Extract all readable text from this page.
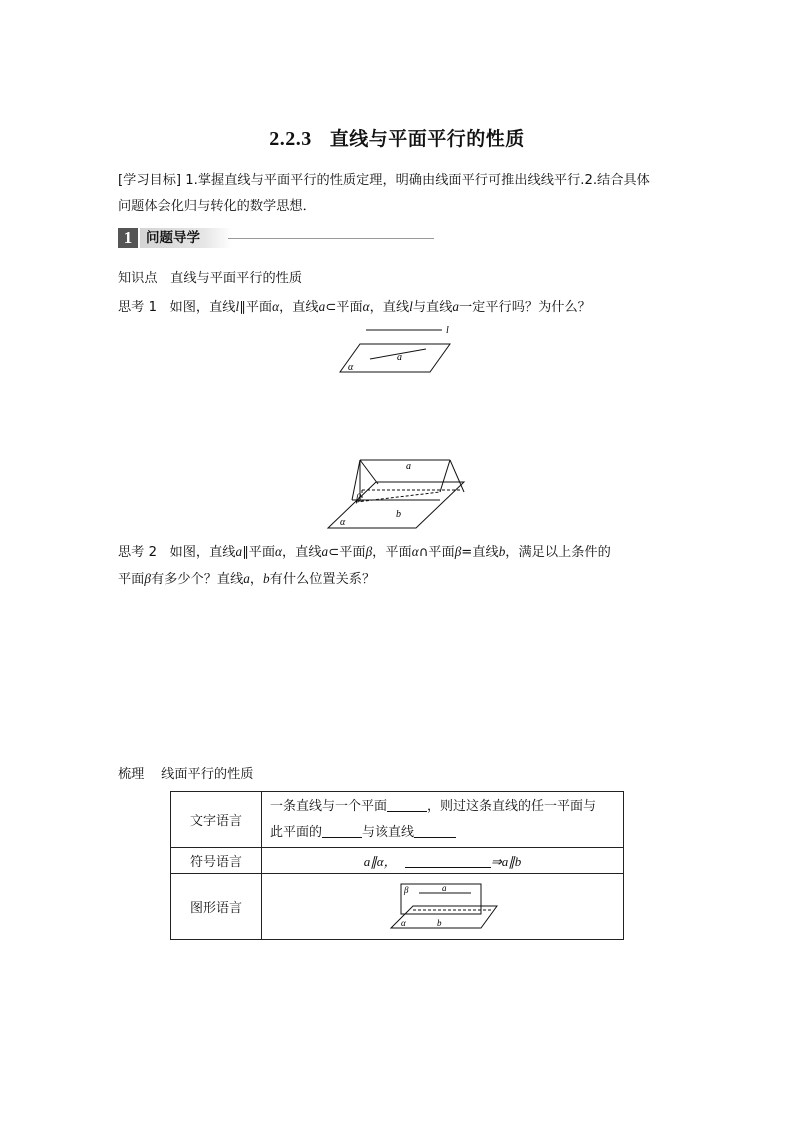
2.2.3 直线与平面平行的性质
[学习目标] 1.掌握直线与平面平行的性质定理，明确由线面平行可推出线线平行.2.结合具体
问题体会化归与转化的数学思想．
1	问题导学
知识点 直线与平面平行的性质
思考 1 如图，直线l∥平面α，直线a⊂平面α，直线l与直线a一定平行吗？为什么？
l
a
α
a
β
α
b
思考 2 如图，直线a∥平面α，直线a⊂平面β，平面α∩平面β=直线b，满足以上条件的
平面β有多少个？直线a，b有什么位置关系？
梳理 线面平行的性质
文字语言	一条直线与一个平面 ，则过这条直线的任一平面与
此平面的 与该直线

符号语言	a∥α， ⇒a∥b
图形语言	β a
α b
